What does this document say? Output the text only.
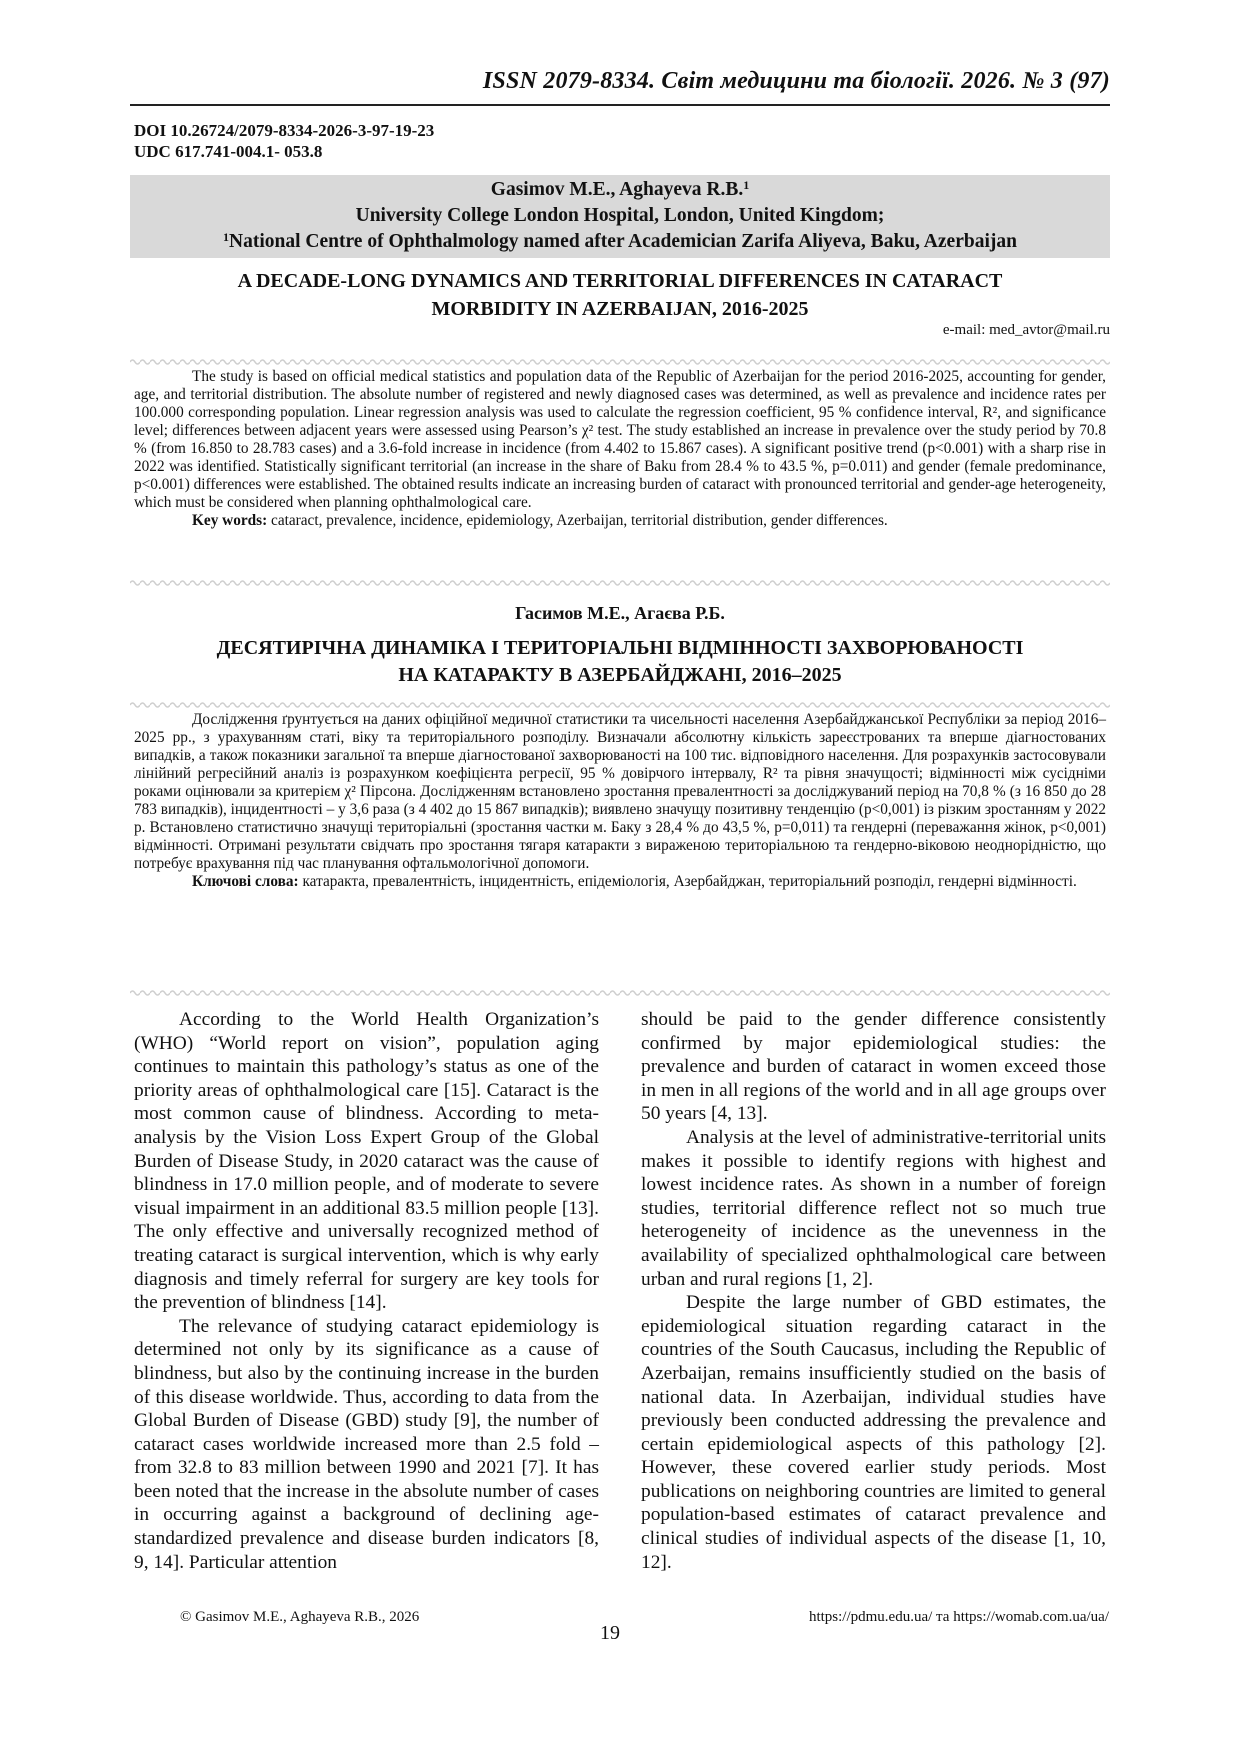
ISSN 2079-8334. Світ медицини та біології. 2026. № 3 (97)
DOI 10.26724/2079-8334-2026-3-97-19-23
UDC 617.741-004.1- 053.8
Gasimov M.E., Aghayeva R.B.$^1$
University College London Hospital, London, United Kingdom;
$^1$National Centre of Ophthalmology named after Academician Zarifa Aliyeva, Baku, Azerbaijan
A DECADE-LONG DYNAMICS AND TERRITORIAL DIFFERENCES IN CATARACT
MORBIDITY IN AZERBAIJAN, 2016-2025
e-mail: med_avtor@mail.ru

The study is based on official medical statistics and population data of the Republic of Azerbaijan for the period 2016-2025, accounting for gender, age, and territorial distribution. The absolute number of registered and newly diagnosed cases was determined, as well as prevalence and incidence rates per 100.000 corresponding population. Linear regression analysis was used to calculate the regression coefficient, 95 % confidence interval, R², and significance level; differences between adjacent years were assessed using Pearson’s χ² test. The study established an increase in prevalence over the study period by 70.8 % (from 16.850 to 28.783 cases) and a 3.6-fold increase in incidence (from 4.402 to 15.867 cases). A significant positive trend (p<0.001) with a sharp rise in 2022 was identified. Statistically significant territorial (an increase in the share of Baku from 28.4 % to 43.5 %, p=0.011) and gender (female predominance, p<0.001) differences were established. The obtained results indicate an increasing burden of cataract with pronounced territorial and gender-age heterogeneity, which must be considered when planning ophthalmological care.

Key words: cataract, prevalence, incidence, epidemiology, Azerbaijan, territorial distribution, gender differences.

Гасимов М.Е., Агаєва Р.Б.
ДЕСЯТИРІЧНА ДИНАМІКА І ТЕРИТОРІАЛЬНІ ВІДМІННОСТІ ЗАХВОРЮВАНОСТІ
НА КАТАРАКТУ В АЗЕРБАЙДЖАНІ, 2016–2025

Дослідження ґрунтується на даних офіційної медичної статистики та чисельності населення Азербайджанської Республіки за період 2016–2025 рр., з урахуванням статі, віку та територіального розподілу. Визначали абсолютну кількість зареєстрованих та вперше діагностованих випадків, а також показники загальної та вперше діагностованої захворюваності на 100 тис. відповідного населення. Для розрахунків застосовували лінійний регресійний аналіз із розрахунком коефіцієнта регресії, 95 % довірчого інтервалу, R² та рівня значущості; відмінності між сусідніми роками оцінювали за критерієм χ² Пірсона. Дослідженням встановлено зростання превалентності за досліджуваний період на 70,8 % (з 16 850 до 28 783 випадків), інцидентності – у 3,6 раза (з 4 402 до 15 867 випадків); виявлено значущу позитивну тенденцію (p<0,001) із різким зростанням у 2022 р. Встановлено статистично значущі територіальні (зростання частки м. Баку з 28,4 % до 43,5 %, p=0,011) та гендерні (переважання жінок, p<0,001) відмінності. Отримані результати свідчать про зростання тягаря катаракти з вираженою територіальною та гендерно-віковою неоднорідністю, що потребує врахування під час планування офтальмологічної допомоги.

Ключові слова: катаракта, превалентність, інцидентність, епідеміологія, Азербайджан, територіальний розподіл, гендерні відмінності.

According to the World Health Organization’s (WHO) “World report on vision”, population aging continues to maintain this pathology’s status as one of the priority areas of ophthalmological care [15]. Cataract is the most common cause of blindness. According to meta-analysis by the Vision Loss Expert Group of the Global Burden of Disease Study, in 2020 cataract was the cause of blindness in 17.0 million people, and of moderate to severe visual impairment in an additional 83.5 million people [13]. The only effective and universally recognized method of treating cataract is surgical intervention, which is why early diagnosis and timely referral for surgery are key tools for the prevention of blindness [14].

The relevance of studying cataract epidemiology is determined not only by its significance as a cause of blindness, but also by the continuing increase in the burden of this disease worldwide. Thus, according to data from the Global Burden of Disease (GBD) study [9], the number of cataract cases worldwide increased more than 2.5 fold – from 32.8 to 83 million between 1990 and 2021 [7]. It has been noted that the increase in the absolute number of cases in occurring against a background of declining age-standardized prevalence and disease burden indicators [8, 9, 14]. Particular attention

should be paid to the gender difference consistently confirmed by major epidemiological studies: the prevalence and burden of cataract in women exceed those in men in all regions of the world and in all age groups over 50 years [4, 13].

Analysis at the level of administrative-territorial units makes it possible to identify regions with highest and lowest incidence rates. As shown in a number of foreign studies, territorial difference reflect not so much true heterogeneity of incidence as the unevenness in the availability of specialized ophthalmological care between urban and rural regions [1, 2].

Despite the large number of GBD estimates, the epidemiological situation regarding cataract in the countries of the South Caucasus, including the Republic of Azerbaijan, remains insufficiently studied on the basis of national data. In Azerbaijan, individual studies have previously been conducted addressing the prevalence and certain epidemiological aspects of this pathology [2]. However, these covered earlier study periods. Most publications on neighboring countries are limited to general population-based estimates of cataract prevalence and clinical studies of individual aspects of the disease [1, 10, 12].

© Gasimov M.E., Aghayeva R.B., 2026
19
https://pdmu.edu.ua/ та https://womab.com.ua/ua/
